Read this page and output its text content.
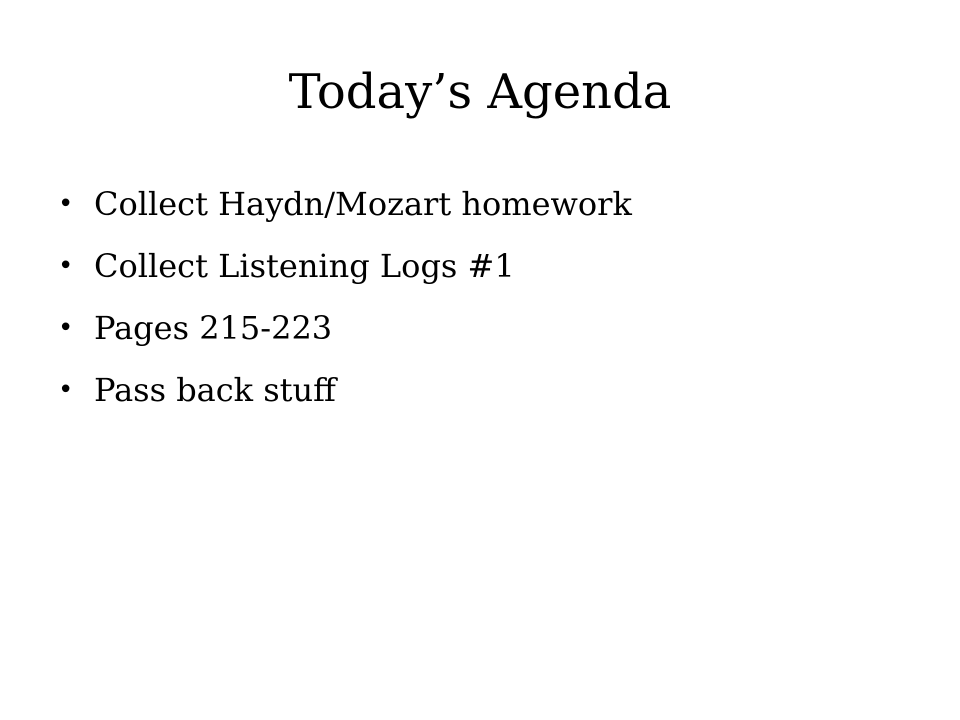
Today’s Agenda
• Collect Haydn/Mozart homework
• Collect Listening Logs #1
• Pages 215-223
• Pass back stuff
